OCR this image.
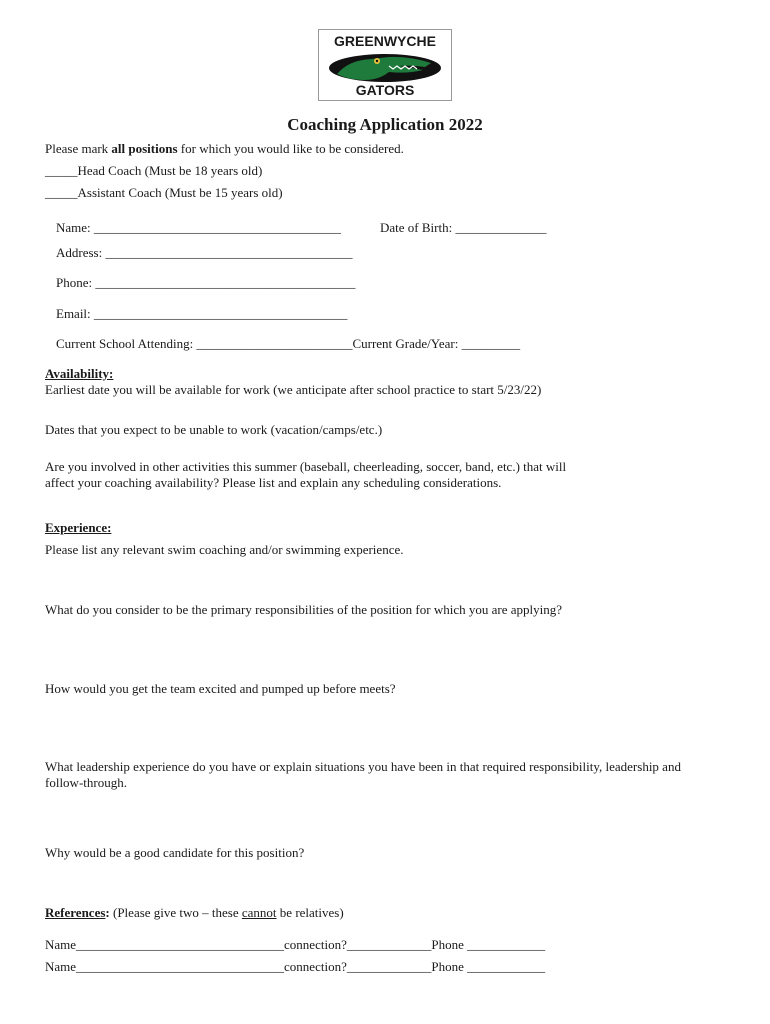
GREENWYCHE
GATORS
Coaching Application 2022
Please mark all positions for which you would like to be considered.
_____Head Coach (Must be 18 years old)
_____Assistant Coach (Must be 15 years old)
Name: ______________________________________	Date of Birth: ______________
Address: ______________________________________
Phone: ________________________________________
Email: _______________________________________
Current School Attending: ________________________Current Grade/Year: _________
Availability:
Earliest date you will be available for work (we anticipate after school practice to start 5/23/22)
Dates that you expect to be unable to work (vacation/camps/etc.)
Are you involved in other activities this summer (baseball, cheerleading, soccer, band, etc.) that will
affect your coaching availability? Please list and explain any scheduling considerations.
Experience:
Please list any relevant swim coaching and/or swimming experience.
What do you consider to be the primary responsibilities of the position for which you are applying?
How would you get the team excited and pumped up before meets?
What leadership experience do you have or explain situations you have been in that required responsibility, leadership and
follow-through.
Why would be a good candidate for this position?
References: (Please give two – these cannot be relatives)
Name________________________________connection?_____________Phone ____________
Name________________________________connection?_____________Phone ____________
